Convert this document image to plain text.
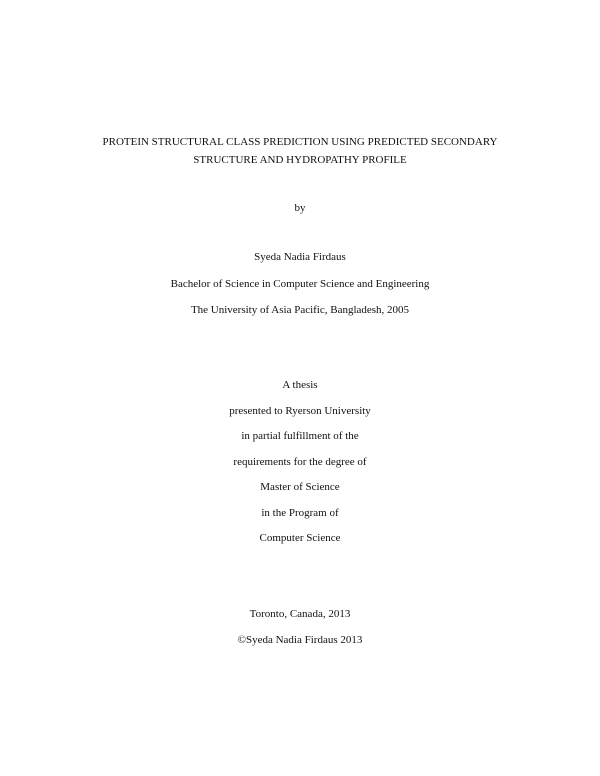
PROTEIN STRUCTURAL CLASS PREDICTION USING PREDICTED SECONDARY
STRUCTURE AND HYDROPATHY PROFILE
by
Syeda Nadia Firdaus
Bachelor of Science in Computer Science and Engineering
The University of Asia Pacific, Bangladesh, 2005
A thesis
presented to Ryerson University
in partial fulfillment of the
requirements for the degree of
Master of Science
in the Program of
Computer Science
Toronto, Canada, 2013
©Syeda Nadia Firdaus 2013
